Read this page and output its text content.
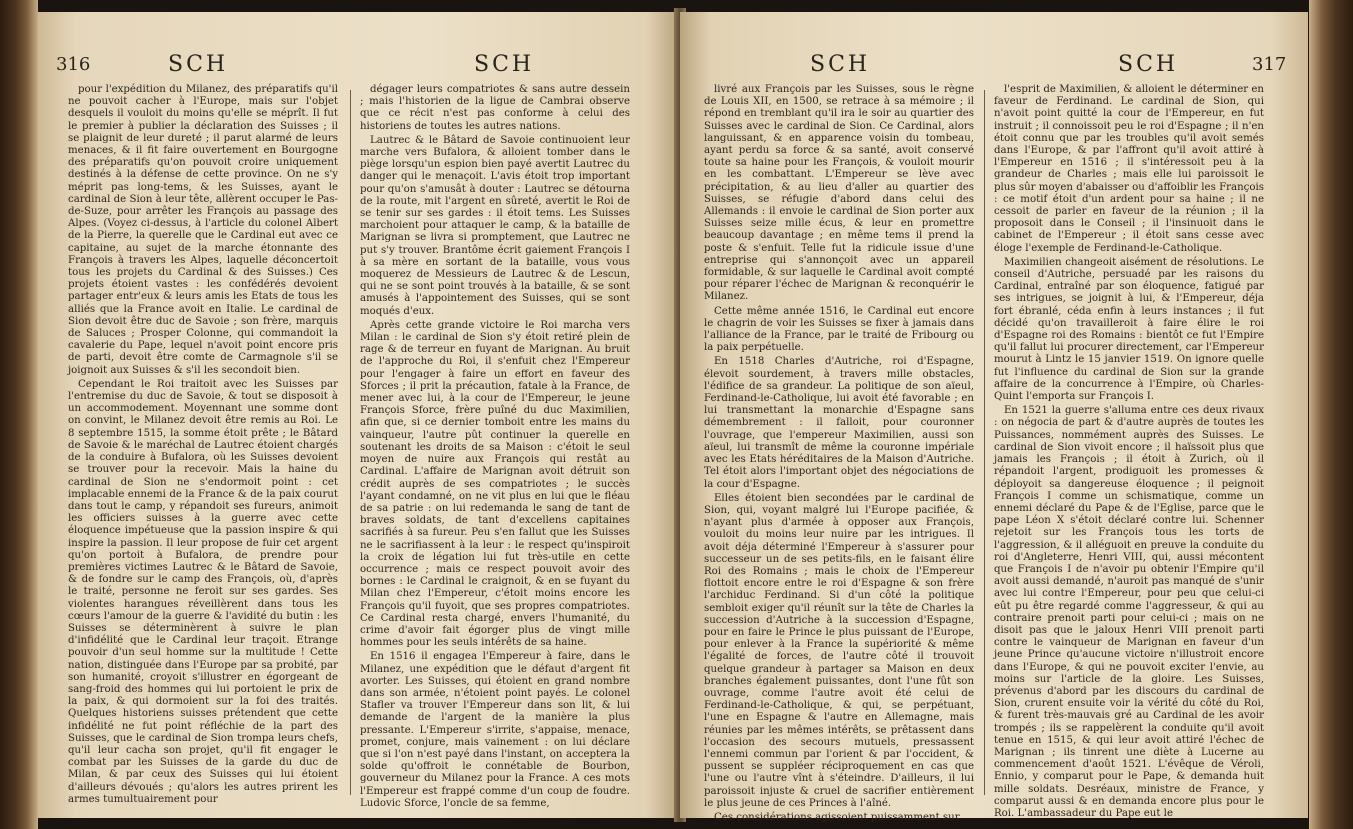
316	SCH	SCH

pour l'expédition du Milanez, des préparatifs qu'il ne pouvoit cacher à l'Europe, mais sur l'objet desquels il vouloit du moins qu'elle se méprît. Il fut le premier à publier la déclaration des Suisses ; il se plaignit de leur dureté ; il parut alarmé de leurs menaces, & il fit faire ouvertement en Bourgogne des préparatifs qu'on pouvoit croire uniquement destinés à la défense de cette province. On ne s'y méprit pas long-tems, & les Suisses, ayant le cardinal de Sion à leur tête, allèrent occuper le Pas-de-Suze, pour arrêter les François au passage des Alpes. (Voyez ci-dessus, à l'article du colonel Albert de la Pierre, la querelle que le Cardinal eut avec ce capitaine, au sujet de la marche étonnante des François à travers les Alpes, laquelle déconcertoit tous les projets du Cardinal & des Suisses.) Ces projets étoient vastes : les confédérés devoient partager entr'eux & leurs amis les Etats de tous les alliés que la France avoit en Italie. Le cardinal de Sion devoit être duc de Savoie ; son frère, marquis de Saluces ; Prosper Colonne, qui commandoit la cavalerie du Pape, lequel n'avoit point encore pris de parti, devoit être comte de Carmagnole s'il se joignoit aux Suisses & s'il les secondoit bien.

Cependant le Roi traitoit avec les Suisses par l'entremise du duc de Savoie, & tout se disposoit à un accommodement. Moyennant une somme dont on convint, le Milanez devoit être remis au Roi. Le 8 septembre 1515, la somme étoit prête ; le Bâtard de Savoie & le maréchal de Lautrec étoient chargés de la conduire à Bufalora, où les Suisses devoient se trouver pour la recevoir. Mais la haine du cardinal de Sion ne s'endormoit point : cet implacable ennemi de la France & de la paix courut dans tout le camp, y répandoit ses fureurs, animoit les officiers suisses à la guerre avec cette éloquence impétueuse que la passion inspire & qui inspire la passion. Il leur propose de fuir cet argent qu'on portoit à Bufalora, de prendre pour premières victimes Lautrec & le Bâtard de Savoie, & de fondre sur le camp des François, où, d'après le traité, personne ne feroit sur ses gardes. Ses violentes harangues réveillèrent dans tous les cœurs l'amour de la guerre & l'avidité du butin : les Suisses se déterminèrent à suivre le plan d'infidélité que le Cardinal leur traçoit. Etrange pouvoir d'un seul homme sur la multitude ! Cette nation, distinguée dans l'Europe par sa probité, par son humanité, croyoit s'illustrer en égorgeant de sang-froid des hommes qui lui portoient le prix de la paix, & qui dormoient sur la foi des traités. Quelques historiens suisses prétendent que cette infidélité ne fut point réfléchie de la part des Suisses, que le cardinal de Sion trompa leurs chefs, qu'il leur cacha son projet, qu'il fit engager le combat par les Suisses de la garde du duc de Milan, & par ceux des Suisses qui lui étoient d'ailleurs dévoués ; qu'alors les autres prirent les armes tumultuairement pour

dégager leurs compatriotes & sans autre dessein ; mais l'historien de la ligue de Cambrai observe que ce récit n'est pas conforme à celui des historiens de toutes les autres nations.

Lautrec & le Bâtard de Savoie continuoient leur marche vers Bufalora, & alloient tomber dans le piège lorsqu'un espion bien payé avertit Lautrec du danger qui le menaçoit. L'avis étoit trop important pour qu'on s'amusât à douter : Lautrec se détourna de la route, mit l'argent en sûreté, avertit le Roi de se tenir sur ses gardes : il étoit tems. Les Suisses marchoient pour attaquer le camp, & la bataille de Marignan se livra si promptement, que Lautrec ne put s'y trouver. Brantôme écrit gaiement François I à sa mère en sortant de la bataille, vous vous moquerez de Messieurs de Lautrec & de Lescun, qui ne se sont point trouvés à la bataille, & se sont amusés à l'appointement des Suisses, qui se sont moqués d'eux.

Après cette grande victoire le Roi marcha vers Milan : le cardinal de Sion s'y étoit retiré plein de rage & de terreur en fuyant de Marignan. Au bruit de l'approche du Roi, il s'enfuit chez l'Empereur pour l'engager à faire un effort en faveur des Sforces ; il prit la précaution, fatale à la France, de mener avec lui, à la cour de l'Empereur, le jeune François Sforce, frère puîné du duc Maximilien, afin que, si ce dernier tomboit entre les mains du vainqueur, l'autre pût continuer la querelle en soutenant les droits de sa Maison : c'étoit le seul moyen de nuire aux François qui restât au Cardinal. L'affaire de Marignan avoit détruit son crédit auprès de ses compatriotes ; le succès l'ayant condamné, on ne vit plus en lui que le fléau de sa patrie : on lui redemanda le sang de tant de braves soldats, de tant d'excellens capitaines sacrifiés à sa fureur. Peu s'en fallut que les Suisses ne le sacrifiassent à la leur : le respect qu'inspiroit la croix de légation lui fut très-utile en cette occurrence ; mais ce respect pouvoit avoir des bornes : le Cardinal le craignoit, & en se fuyant du Milan chez l'Empereur, c'étoit moins encore les François qu'il fuyoit, que ses propres compatriotes. Ce Cardinal resta chargé, envers l'humanité, du crime d'avoir fait égorger plus de vingt mille hommes pour les seuls intérêts de sa haine.

En 1516 il engagea l'Empereur à faire, dans le Milanez, une expédition que le défaut d'argent fit avorter. Les Suisses, qui étoient en grand nombre dans son armée, n'étoient point payés. Le colonel Stafler va trouver l'Empereur dans son lit, & lui demande de l'argent de la manière la plus pressante. L'Empereur s'irrite, s'appaise, menace, promet, conjure, mais vainement : on lui déclare que si l'on n'est payé dans l'instant, on acceptera la solde qu'offroit le connétable de Bourbon, gouverneur du Milanez pour la France. A ces mots l'Empereur est frappé comme d'un coup de foudre. Ludovic Sforce, l'oncle de sa femme,

SCH	SCH	317

livré aux François par les Suisses, sous le règne de Louis XII, en 1500, se retrace à sa mémoire ; il répond en tremblant qu'il ira le soir au quartier des Suisses avec le cardinal de Sion. Ce Cardinal, alors languissant, & en apparence voisin du tombeau, ayant perdu sa force & sa santé, avoit conservé toute sa haine pour les François, & vouloit mourir en les combattant. L'Empereur se lève avec précipitation, & au lieu d'aller au quartier des Suisses, se réfugie d'abord dans celui des Allemands : il envoie le cardinal de Sion porter aux Suisses seize mille écus, & leur en promettre beaucoup davantage ; en même tems il prend la poste & s'enfuit. Telle fut la ridicule issue d'une entreprise qui s'annonçoit avec un appareil formidable, & sur laquelle le Cardinal avoit compté pour réparer l'échec de Marignan & reconquérir le Milanez.

Cette même année 1516, le Cardinal eut encore le chagrin de voir les Suisses se fixer à jamais dans l'alliance de la France, par le traité de Fribourg ou la paix perpétuelle.

En 1518 Charles d'Autriche, roi d'Espagne, élevoit sourdement, à travers mille obstacles, l'édifice de sa grandeur. La politique de son aïeul, Ferdinand-le-Catholique, lui avoit été favorable ; en lui transmettant la monarchie d'Espagne sans démembrement : il falloit, pour couronner l'ouvrage, que l'empereur Maximilien, aussi son aïeul, lui transmît de même la couronne impériale avec les Etats héréditaires de la Maison d'Autriche. Tel étoit alors l'important objet des négociations de la cour d'Espagne.

Elles étoient bien secondées par le cardinal de Sion, qui, voyant malgré lui l'Europe pacifiée, & n'ayant plus d'armée à opposer aux François, vouloit du moins leur nuire par les intrigues. Il avoit déja déterminé l'Empereur à s'assurer pour successeur un de ses petits-fils, en le faisant élire Roi des Romains ; mais le choix de l'Empereur flottoit encore entre le roi d'Espagne & son frère l'archiduc Ferdinand. Si d'un côté la politique sembloit exiger qu'il réunît sur la tête de Charles la succession d'Autriche à la succession d'Espagne, pour en faire le Prince le plus puissant de l'Europe, pour enlever à la France la supériorité & même l'égalité de forces, de l'autre côté il trouvoit quelque grandeur à partager sa Maison en deux branches également puissantes, dont l'une fût son ouvrage, comme l'autre avoit été celui de Ferdinand-le-Catholique, & qui, se perpétuant, l'une en Espagne & l'autre en Allemagne, mais réunies par les mêmes intérêts, se prêtassent dans l'occasion des secours mutuels, pressassent l'ennemi commun par l'orient & par l'occident, & pussent se suppléer réciproquement en cas que l'une ou l'autre vînt à s'éteindre. D'ailleurs, il lui paroissoit injuste & cruel de sacrifier entièrement le plus jeune de ces Princes à l'aîné.

Ces considérations agissoient puissamment sur

l'esprit de Maximilien, & alloient le déterminer en faveur de Ferdinand. Le cardinal de Sion, qui n'avoit point quitté la cour de l'Empereur, en fut instruit ; il connoissoit peu le roi d'Espagne ; il n'en étoit connu que par les troubles qu'il avoit semés dans l'Europe, & par l'affront qu'il avoit attiré à l'Empereur en 1516 ; il s'intéressoit peu à la grandeur de Charles ; mais elle lui paroissoit le plus sûr moyen d'abaisser ou d'affoiblir les François : ce motif étoit d'un ardent pour sa haine ; il ne cessoit de parler en faveur de la réunion ; il la proposoit dans le Conseil ; il l'insinuoit dans le cabinet de l'Empereur ; il étoit sans cesse avec éloge l'exemple de Ferdinand-le-Catholique.

Maximilien changeoit aisément de résolutions. Le conseil d'Autriche, persuadé par les raisons du Cardinal, entraîné par son éloquence, fatigué par ses intrigues, se joignit à lui, & l'Empereur, déja fort ébranlé, céda enfin à leurs instances ; il fut décidé qu'on travailleroit à faire élire le roi d'Espagne roi des Romains : bientôt ce fut l'Empire qu'il fallut lui procurer directement, car l'Empereur mourut à Lintz le 15 janvier 1519. On ignore quelle fut l'influence du cardinal de Sion sur la grande affaire de la concurrence à l'Empire, où Charles-Quint l'emporta sur François I.

En 1521 la guerre s'alluma entre ces deux rivaux : on négocia de part & d'autre auprès de toutes les Puissances, nommément auprès des Suisses. Le cardinal de Sion vivoit encore ; il haïssoit plus que jamais les François ; il étoit à Zurich, où il répandoit l'argent, prodiguoit les promesses & déployoit sa dangereuse éloquence ; il peignoit François I comme un schismatique, comme un ennemi déclaré du Pape & de l'Eglise, parce que le pape Léon X s'étoit déclaré contre lui. Schenner rejetoit sur les François tous les torts de l'aggression, & il alléguoit en preuve la conduite du roi d'Angleterre, Henri VIII, qui, aussi mécontent que François I de n'avoir pu obtenir l'Empire qu'il avoit aussi demandé, n'auroit pas manqué de s'unir avec lui contre l'Empereur, pour peu que celui-ci eût pu être regardé comme l'aggresseur, & qui au contraire prenoit parti pour celui-ci ; mais on ne disoit pas que le jaloux Henri VIII prenoit parti contre le vainqueur de Marignan en faveur d'un jeune Prince qu'aucune victoire n'illustroit encore dans l'Europe, & qui ne pouvoit exciter l'envie, au moins sur l'article de la gloire. Les Suisses, prévenus d'abord par les discours du cardinal de Sion, crurent ensuite voir la vérité du côté du Roi, & furent très-mauvais gré au Cardinal de les avoir trompés ; ils se rappelèrent la conduite qu'il avoit tenue en 1515, & qui leur avoit attiré l'échec de Marignan ; ils tinrent une diète à Lucerne au commencement d'août 1521. L'évêque de Véroli, Ennio, y comparut pour le Pape, & demanda huit mille soldats. Desréaux, ministre de France, y comparut aussi & en demanda encore plus pour le Roi. L'ambassadeur du Pape eut le
